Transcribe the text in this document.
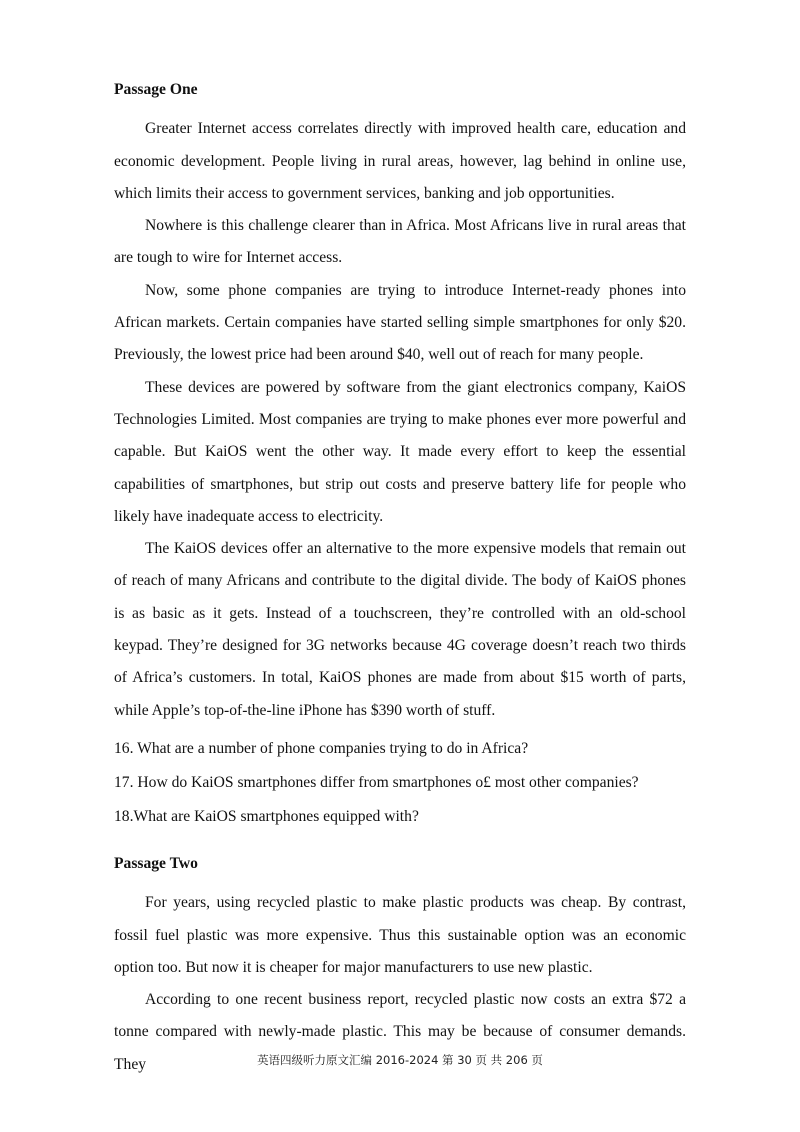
Passage One

Greater Internet access correlates directly with improved health care, education and economic development. People living in rural areas, however, lag behind in online use, which limits their access to government services, banking and job opportunities.

Nowhere is this challenge clearer than in Africa. Most Africans live in rural areas that are tough to wire for Internet access.

Now, some phone companies are trying to introduce Internet-ready phones into African markets. Certain companies have started selling simple smartphones for only $20. Previously, the lowest price had been around $40, well out of reach for many people.

These devices are powered by software from the giant electronics company, KaiOS Technologies Limited. Most companies are trying to make phones ever more powerful and capable. But KaiOS went the other way. It made every effort to keep the essential capabilities of smartphones, but strip out costs and preserve battery life for people who likely have inadequate access to electricity.

The KaiOS devices offer an alternative to the more expensive models that remain out of reach of many Africans and contribute to the digital divide. The body of KaiOS phones is as basic as it gets. Instead of a touchscreen, they’re controlled with an old-school keypad. They’re designed for 3G networks because 4G coverage doesn’t reach two thirds of Africa’s customers. In total, KaiOS phones are made from about $15 worth of parts, while Apple’s top-of-the-line iPhone has $390 worth of stuff.

16. What are a number of phone companies trying to do in Africa?

17. How do KaiOS smartphones differ from smartphones o£ most other companies?

18.What are KaiOS smartphones equipped with?

Passage Two

For years, using recycled plastic to make plastic products was cheap. By contrast, fossil fuel plastic was more expensive. Thus this sustainable option was an economic option too. But now it is cheaper for major manufacturers to use new plastic.

According to one recent business report, recycled plastic now costs an extra $72 a tonne compared with newly-made plastic. This may be because of consumer demands. They	英语四级听力原文汇编 2016-2024 第 30 页 共 206 页
